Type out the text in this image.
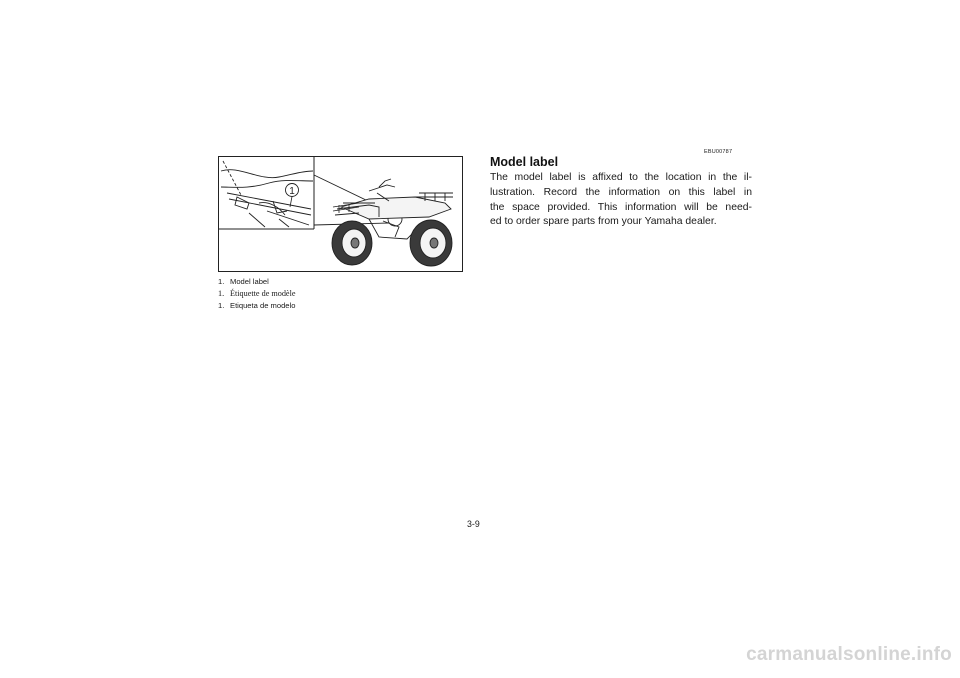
1
1. Model label
1. Étiquette de modèle
1. Etiqueta de modelo
EBU00787
Model label

The model label is affixed to the location in the il-
lustration. Record the information on this label in
the space provided. This information will be need-
ed to order spare parts from your Yamaha dealer.

3-9
carmanualsonline.info
